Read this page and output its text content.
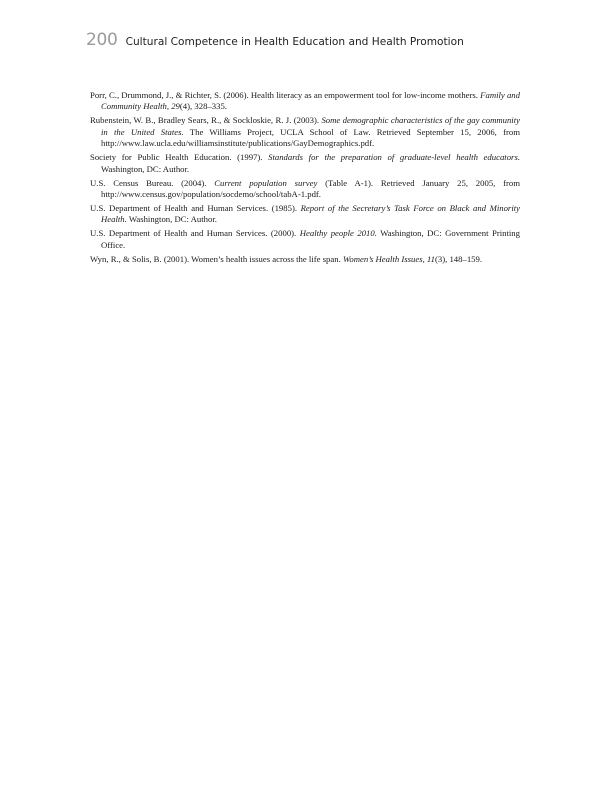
200 Cultural Competence in Health Education and Health Promotion

Porr, C., Drummond, J., & Richter, S. (2006). Health literacy as an empowerment tool for low-income mothers. Family and Community Health, 29(4), 328–335.

Rubenstein, W. B., Bradley Sears, R., & Sockloskie, R. J. (2003). Some demographic characteristics of the gay community in the United States. The Williams Project, UCLA School of Law. Retrieved September 15, 2006, from http://www.law.ucla.edu/williamsinstitute/publications/GayDemographics.pdf.

Society for Public Health Education. (1997). Standards for the preparation of graduate-level health educators. Washington, DC: Author.

U.S. Census Bureau. (2004). Current population survey (Table A-1). Retrieved January 25, 2005, from http://www.census.gov/population/socdemo/school/tabA-1.pdf.

U.S. Department of Health and Human Services. (1985). Report of the Secretary’s Task Force on Black and Minority Health. Washington, DC: Author.

U.S. Department of Health and Human Services. (2000). Healthy people 2010. Washington, DC: Government Printing Office.

Wyn, R., & Solis, B. (2001). Women’s health issues across the life span. Women’s Health Issues, 11(3), 148–159.
